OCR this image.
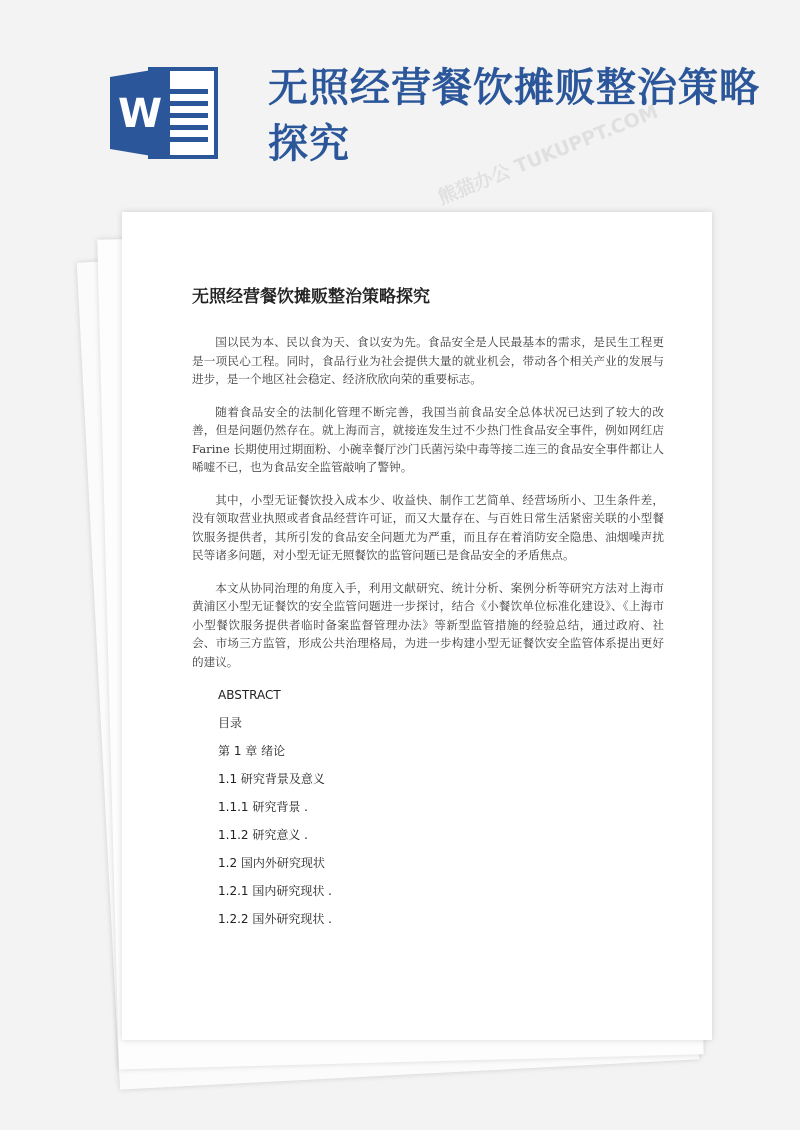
熊猫办公 TUKUPPT.COM
W
无照经营餐饮摊贩整治策略探究
无照经营餐饮摊贩整治策略探究

国以民为本、民以食为天、食以安为先。食品安全是人民最基本的需求，是民生工程更是一项民心工程。同时，食品行业为社会提供大量的就业机会，带动各个相关产业的发展与进步，是一个地区社会稳定、经济欣欣向荣的重要标志。

随着食品安全的法制化管理不断完善，我国当前食品安全总体状况已达到了较大的改善，但是问题仍然存在。就上海而言，就接连发生过不少热门性食品安全事件，例如网红店 Farine 长期使用过期面粉、小碗幸餐厅沙门氏菌污染中毒等接二连三的食品安全事件都让人唏嘘不已，也为食品安全监管敲响了警钟。

其中，小型无证餐饮投入成本少、收益快、制作工艺简单、经营场所小、卫生条件差，没有领取营业执照或者食品经营许可证，而又大量存在、与百姓日常生活紧密关联的小型餐饮服务提供者，其所引发的食品安全问题尤为严重，而且存在着消防安全隐患、油烟噪声扰民等诸多问题，对小型无证无照餐饮的监管问题已是食品安全的矛盾焦点。

本文从协同治理的角度入手，利用文献研究、统计分析、案例分析等研究方法对上海市黄浦区小型无证餐饮的安全监管问题进一步探讨，结合《小餐饮单位标准化建设》、《上海市小型餐饮服务提供者临时备案监督管理办法》等新型监管措施的经验总结，通过政府、社会、市场三方监管，形成公共治理格局，为进一步构建小型无证餐饮安全监管体系提出更好的建议。

ABSTRACT
目录
第 1 章 绪论
1.1 研究背景及意义
1.1.1 研究背景 .
1.1.2 研究意义 .
1.2 国内外研究现状
1.2.1 国内研究现状 .
1.2.2 国外研究现状 .
